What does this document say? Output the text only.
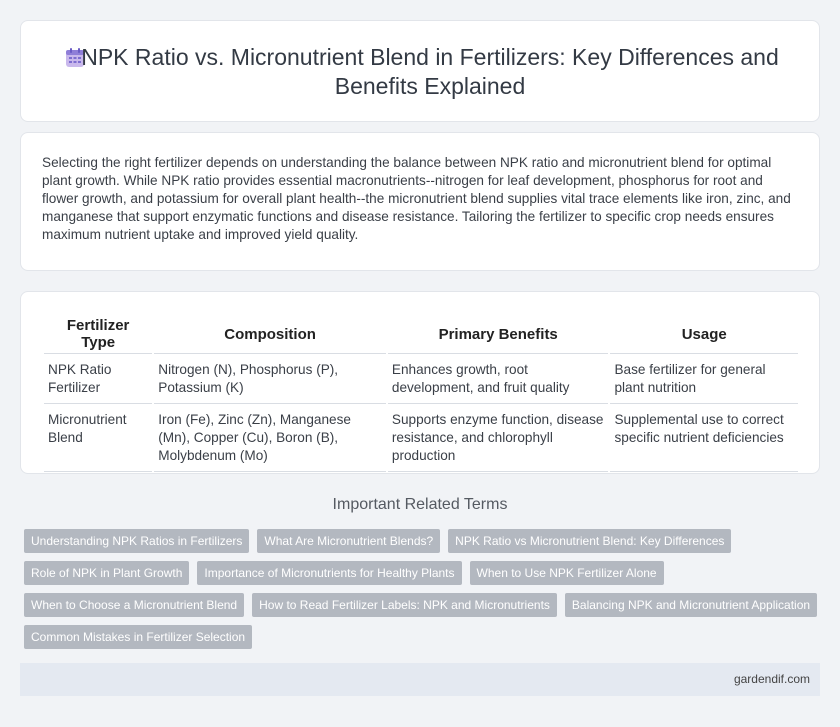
NPK Ratio vs. Micronutrient Blend in Fertilizers: Key Differences and Benefits Explained

Selecting the right fertilizer depends on understanding the balance between NPK ratio and micronutrient blend for optimal plant growth. While NPK ratio provides essential macronutrients--nitrogen for leaf development, phosphorus for root and flower growth, and potassium for overall plant health--the micronutrient blend supplies vital trace elements like iron, zinc, and manganese that support enzymatic functions and disease resistance. Tailoring the fertilizer to specific crop needs ensures maximum nutrient uptake and improved yield quality.

Fertilizer Type	Composition	Primary Benefits	Usage
NPK Ratio Fertilizer	Nitrogen (N), Phosphorus (P), Potassium (K)	Enhances growth, root development, and fruit quality	Base fertilizer for general plant nutrition
Micronutrient Blend	Iron (Fe), Zinc (Zn), Manganese (Mn), Copper (Cu), Boron (B), Molybdenum (Mo)	Supports enzyme function, disease resistance, and chlorophyll production	Supplemental use to correct specific nutrient deficiencies
Important Related Terms
Understanding NPK Ratios in Fertilizers	What Are Micronutrient Blends?	NPK Ratio vs Micronutrient Blend: Key Differences
Role of NPK in Plant Growth	Importance of Micronutrients for Healthy Plants	When to Use NPK Fertilizer Alone
When to Choose a Micronutrient Blend	How to Read Fertilizer Labels: NPK and Micronutrients	Balancing NPK and Micronutrient Application
Common Mistakes in Fertilizer Selection
gardendif.com
